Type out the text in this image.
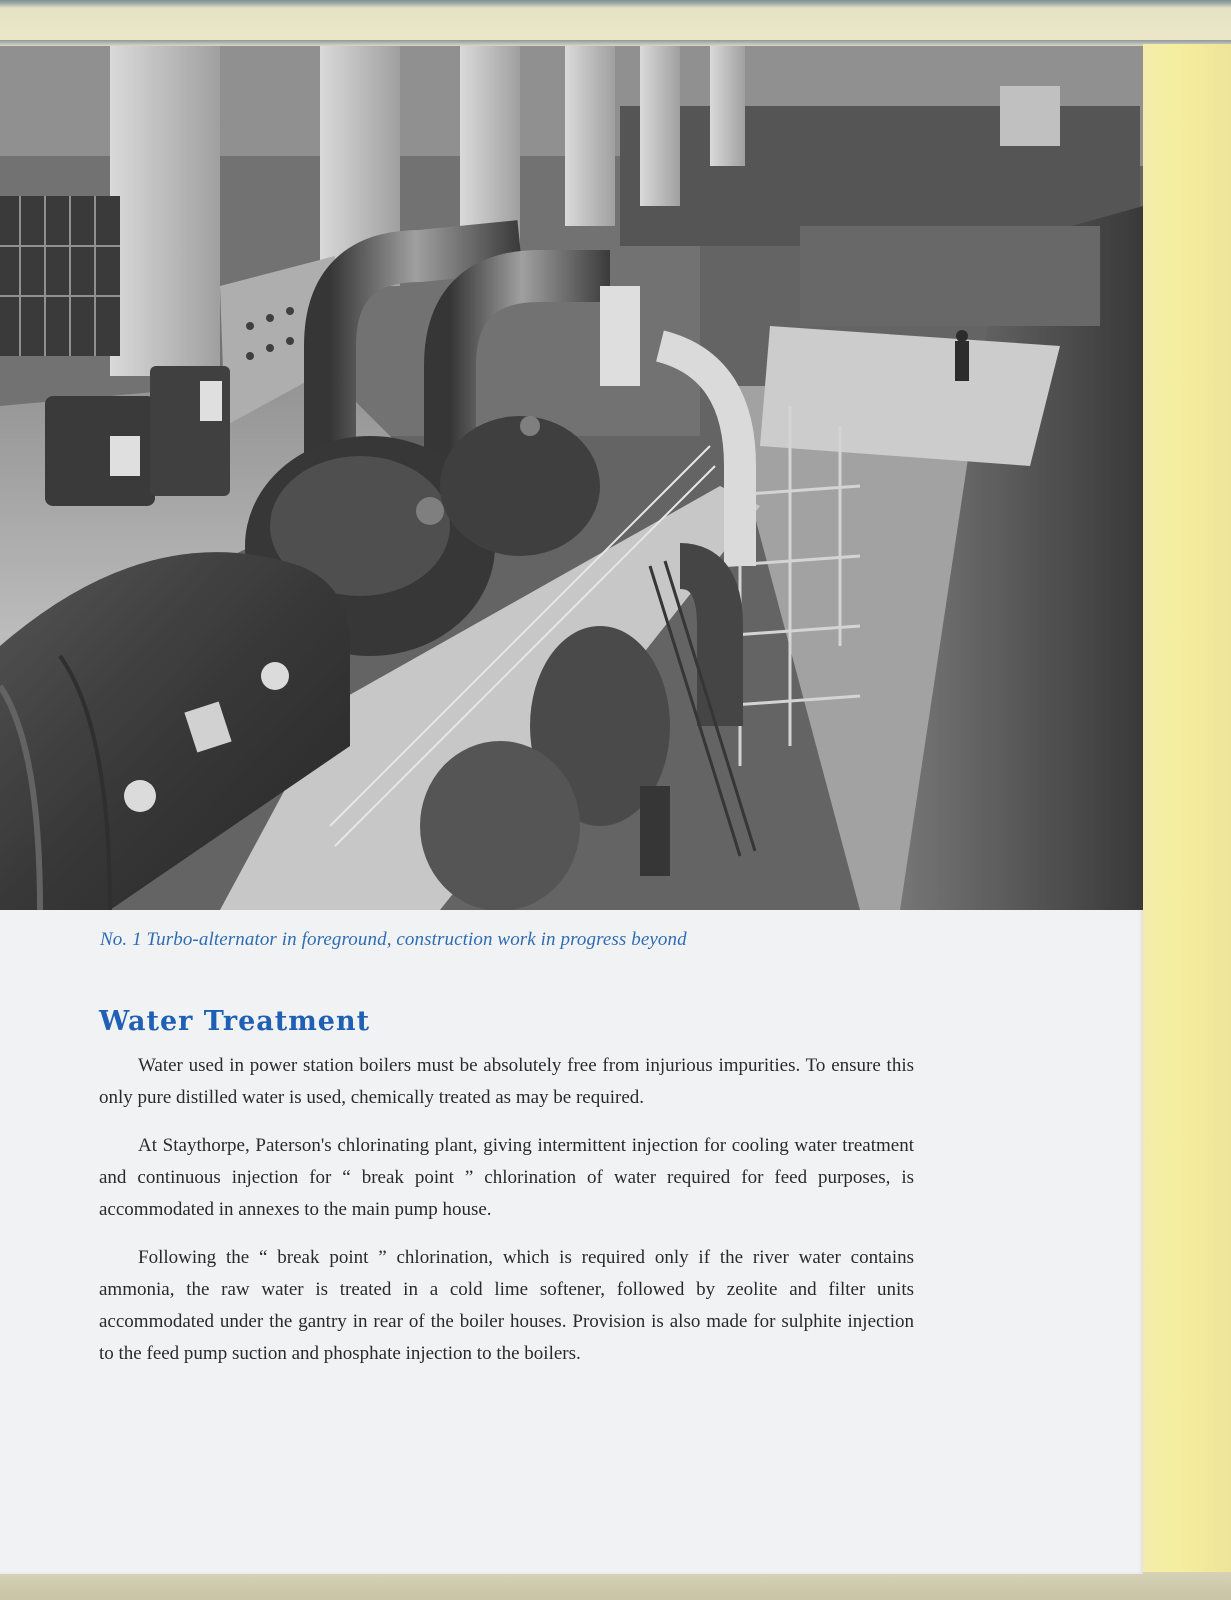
No. 1 Turbo-alternator in foreground, construction work in progress beyond
Water Treatment

Water used in power station boilers must be absolutely free from injurious impurities. To ensure this only pure distilled water is used, chemically treated as may be required.

At Staythorpe, Paterson's chlorinating plant, giving intermittent injection for cooling water treatment and continuous injection for “ break point ” chlorination of water required for feed purposes, is accommodated in annexes to the main pump house.

Following the “ break point ” chlorination, which is required only if the river water contains ammonia, the raw water is treated in a cold lime softener, followed by zeolite and filter units accommodated under the gantry in rear of the boiler houses. Provision is also made for sulphite injection to the feed pump suction and phosphate injection to the boilers.
